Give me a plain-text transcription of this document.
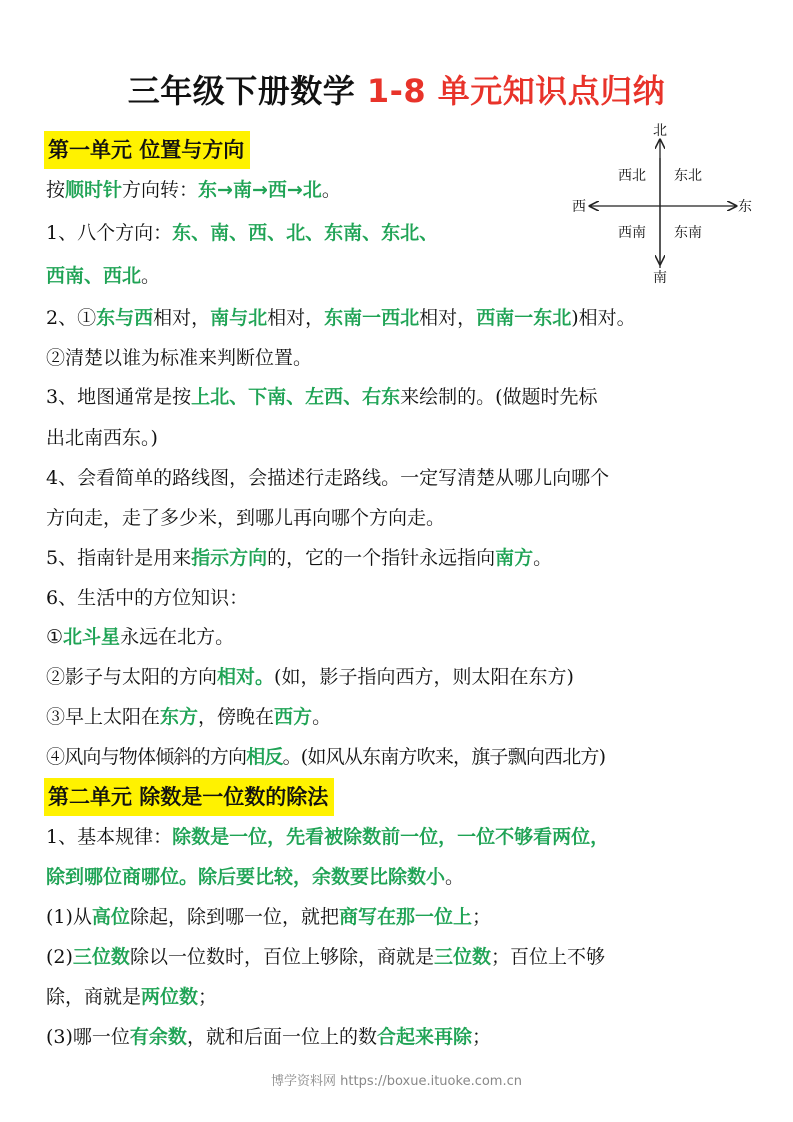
三年级下册数学 1-8 单元知识点归纳
第一单元 位置与方向
北
南
东
西
西北 东北
西南 东南
按顺时针方向转：东→南→西→北。
1、八个方向：东、南、西、北、东南、东北、
西南、西北。
2、①东与西相对，南与北相对，东南一西北相对，西南一东北)相对。
②清楚以谁为标准来判断位置。
3、地图通常是按上北、下南、左西、右东来绘制的。(做题时先标
出北南西东。)
4、会看简单的路线图，会描述行走路线。一定写清楚从哪儿向哪个
方向走，走了多少米，到哪儿再向哪个方向走。
5、指南针是用来指示方向的，它的一个指针永远指向南方。
6、生活中的方位知识：
①北斗星永远在北方。
②影子与太阳的方向相对。(如，影子指向西方，则太阳在东方)
③早上太阳在东方，傍晚在西方。
④风向与物体倾斜的方向相反。(如风从东南方吹来，旗子飘向西北方)
第二单元 除数是一位数的除法
1、基本规律：除数是一位，先看被除数前一位，一位不够看两位，
除到哪位商哪位。除后要比较，余数要比除数小。
(1)从高位除起，除到哪一位，就把商写在那一位上；
(2)三位数除以一位数时，百位上够除，商就是三位数；百位上不够
除，商就是两位数；
(3)哪一位有余数，就和后面一位上的数合起来再除；
博学资料网 https://boxue.ituoke.com.cn
